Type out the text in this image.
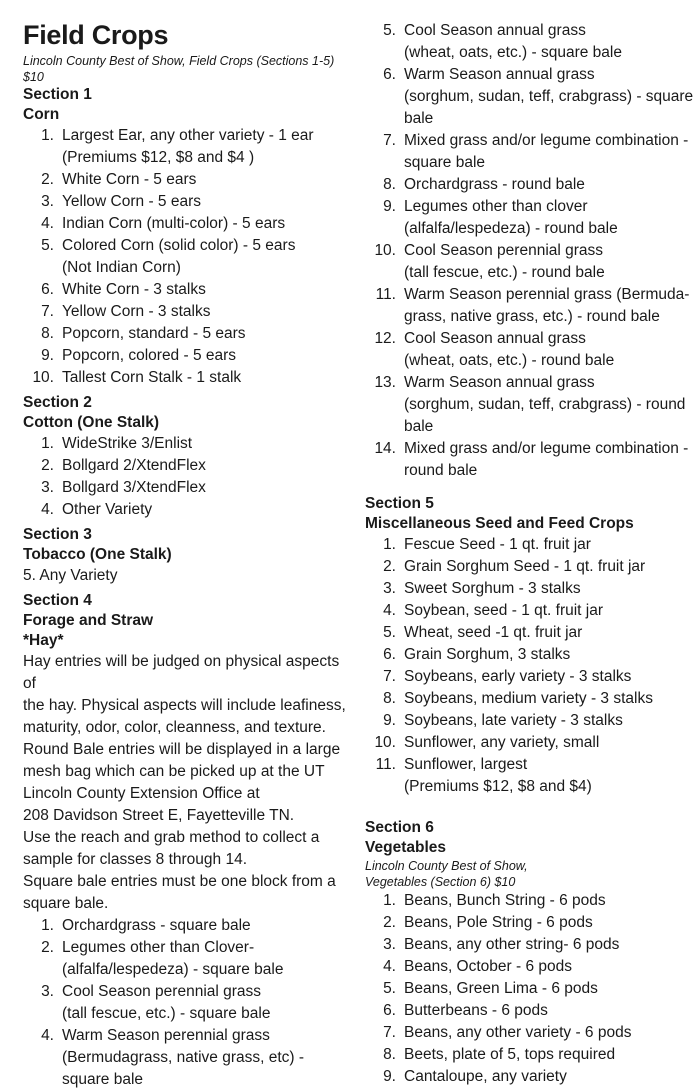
Field Crops
Lincoln County Best of Show, Field Crops (Sections 1-5) $10
Section 1
Corn
1. Largest Ear, any other variety - 1 ear
(Premiums $12, $8 and $4 )
2. White Corn - 5 ears
3. Yellow Corn - 5 ears
4. Indian Corn (multi-color) - 5 ears
5. Colored Corn (solid color) - 5 ears
(Not Indian Corn)
6. White Corn - 3 stalks
7. Yellow Corn - 3 stalks
8. Popcorn, standard - 5 ears
9. Popcorn, colored - 5 ears
10. Tallest Corn Stalk - 1 stalk
Section 2
Cotton (One Stalk)
1. WideStrike 3/Enlist
2. Bollgard 2/XtendFlex
3. Bollgard 3/XtendFlex
4. Other Variety
Section 3
Tobacco (One Stalk)
5. Any Variety
Section 4
Forage and Straw
*Hay*
Hay entries will be judged on physical aspects of
the hay. Physical aspects will include leafiness,
maturity, odor, color, cleanness, and texture.
Round Bale entries will be displayed in a large
mesh bag which can be picked up at the UT
Lincoln County Extension Office at
208 Davidson Street E, Fayetteville TN.
Use the reach and grab method to collect a
sample for classes 8 through 14.
Square bale entries must be one block from a
square bale.
1. Orchardgrass - square bale
2. Legumes other than Clover-
(alfalfa/lespedeza) - square bale
3. Cool Season perennial grass
(tall fescue, etc.) - square bale
4. Warm Season perennial grass
(Bermudagrass, native grass, etc) -
square bale
5. Cool Season annual grass
(wheat, oats, etc.) - square bale
6. Warm Season annual grass
(sorghum, sudan, teff, crabgrass) - square bale
7. Mixed grass and/or legume combination -
square bale
8. Orchardgrass - round bale
9. Legumes other than clover
(alfalfa/lespedeza) - round bale
10. Cool Season perennial grass
(tall fescue, etc.) - round bale
11. Warm Season perennial grass (Bermuda-
grass, native grass, etc.) - round bale
12. Cool Season annual grass
(wheat, oats, etc.) - round bale
13. Warm Season annual grass
(sorghum, sudan, teff, crabgrass) - round bale
14. Mixed grass and/or legume combination -
round bale
Section 5
Miscellaneous Seed and Feed Crops
1. Fescue Seed - 1 qt. fruit jar
2. Grain Sorghum Seed - 1 qt. fruit jar
3. Sweet Sorghum - 3 stalks
4. Soybean, seed - 1 qt. fruit jar
5. Wheat, seed -1 qt. fruit jar
6. Grain Sorghum, 3 stalks
7. Soybeans, early variety - 3 stalks
8. Soybeans, medium variety - 3 stalks
9. Soybeans, late variety - 3 stalks
10. Sunflower, any variety, small
11. Sunflower, largest
(Premiums $12, $8 and $4)
Section 6
Vegetables
Lincoln County Best of Show,
Vegetables (Section 6) $10
1. Beans, Bunch String - 6 pods
2. Beans, Pole String - 6 pods
3. Beans, any other string- 6 pods
4. Beans, October - 6 pods
5. Beans, Green Lima - 6 pods
6. Butterbeans - 6 pods
7. Beans, any other variety - 6 pods
8. Beets, plate of 5, tops required
9. Cantaloupe, any variety
